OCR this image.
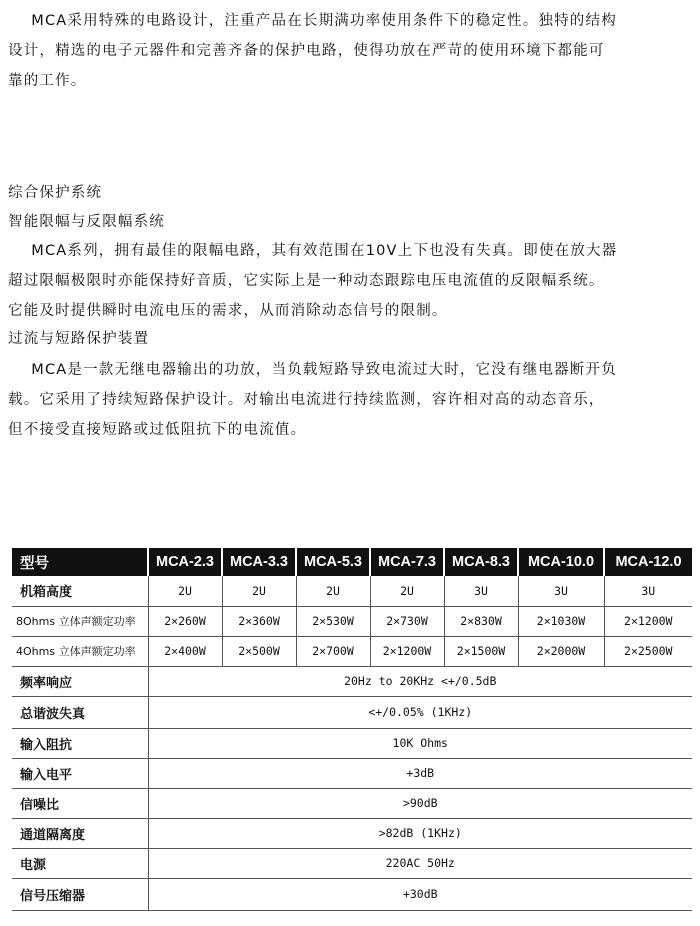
MCA采用特殊的电路设计，注重产品在长期满功率使用条件下的稳定性。独特的结构
设计，精选的电子元器件和完善齐备的保护电路，使得功放在严苛的使用环境下都能可
靠的工作。

综合保护系统

智能限幅与反限幅系统

MCA系列，拥有最佳的限幅电路，其有效范围在10V上下也没有失真。即使在放大器
超过限幅极限时亦能保持好音质，它实际上是一种动态跟踪电压电流值的反限幅系统。
它能及时提供瞬时电流电压的需求，从而消除动态信号的限制。

过流与短路保护装置

MCA是一款无继电器输出的功放，当负载短路导致电流过大时，它没有继电器断开负
载。它采用了持续短路保护设计。对输出电流进行持续监测，容许相对高的动态音乐，
但不接受直接短路或过低阻抗下的电流值。

型号	MCA-2.3	MCA-3.3	MCA-5.3	MCA-7.3	MCA-8.3	MCA-10.0	MCA-12.0
机箱高度	2U	2U	2U	2U	3U	3U	3U
8Ohms 立体声额定功率	2×260W	2×360W	2×530W	2×730W	2×830W	2×1030W	2×1200W
4Ohms 立体声额定功率	2×400W	2×500W	2×700W	2×1200W	2×1500W	2×2000W	2×2500W
频率响应	20Hz to 20KHz <+/0.5dB						
总谐波失真	<+/0.05% (1KHz)						
输入阻抗	10K Ohms						
输入电平	+3dB						
信噪比	>90dB						
通道隔离度	>82dB (1KHz)						
电源	220AC 50Hz						
信号压缩器	+30dB						
